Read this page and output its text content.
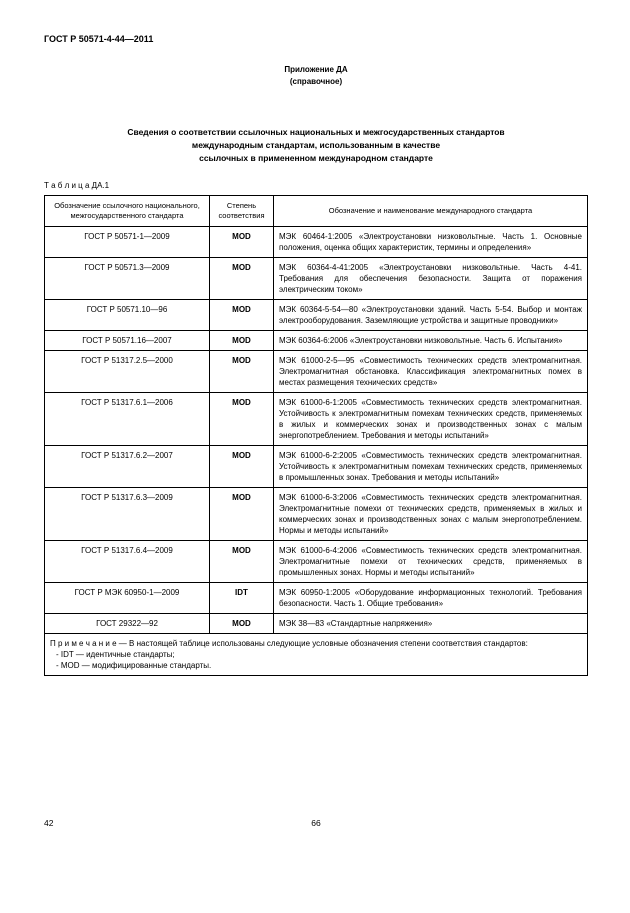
ГОСТ Р 50571-4-44—2011
Приложение ДА
(справочное)
Сведения о соответствии ссылочных национальных и межгосударственных стандартов
международным стандартам, использованным в качестве
ссылочных в примененном международном стандарте
Т а б л и ц а ДА.1
Обозначение ссылочного национального, межгосударственного стандарта	Степень соответствия	Обозначение и наименование международного стандарта
ГОСТ Р 50571-1—2009	MOD	МЭК 60464-1:2005 «Электроустановки низковольтные. Часть 1. Основные положения, оценка общих характеристик, термины и определения»
ГОСТ Р 50571.3—2009	MOD	МЭК 60364-4-41:2005 «Электроустановки низковольтные. Часть 4-41. Требования для обеспечения безопасности. Защита от поражения электрическим током»
ГОСТ Р 50571.10—96	MOD	МЭК 60364-5-54—80 «Электроустановки зданий. Часть 5-54. Выбор и монтаж электрооборудования. Заземляющие устройства и защитные проводники»
ГОСТ Р 50571.16—2007	MOD	МЭК 60364-6:2006 «Электроустановки низковольтные. Часть 6. Испытания»
ГОСТ Р 51317.2.5—2000	MOD	МЭК 61000-2-5—95 «Совместимость технических средств электромагнитная. Электромагнитная обстановка. Классификация электромагнитных помех в местах размещения технических средств»
ГОСТ Р 51317.6.1—2006	MOD	МЭК 61000-6-1:2005 «Совместимость технических средств электромагнитная. Устойчивость к электромагнитным помехам технических средств, применяемых в жилых и коммерческих зонах и производственных зонах с малым энергопотреблением. Требования и методы испытаний»
ГОСТ Р 51317.6.2—2007	MOD	МЭК 61000-6-2:2005 «Совместимость технических средств электромагнитная. Устойчивость к электромагнитным помехам технических средств, применяемых в промышленных зонах. Требования и методы испытаний»
ГОСТ Р 51317.6.3—2009	MOD	МЭК 61000-6-3:2006 «Совместимость технических средств электромагнитная. Электромагнитные помехи от технических средств, применяемых в жилых и коммерческих зонах и производственных зонах с малым энергопотреблением. Нормы и методы испытаний»
ГОСТ Р 51317.6.4—2009	MOD	МЭК 61000-6-4:2006 «Совместимость технических средств электромагнитная. Электромагнитные помехи от технических средств, применяемых в промышленных зонах. Нормы и методы испытаний»
ГОСТ Р МЭК 60950-1—2009	IDT	МЭК 60950-1:2005 «Оборудование информационных технологий. Требования безопасности. Часть 1. Общие требования»
ГОСТ 29322—92	MOD	МЭК 38—83 «Стандартные напряжения»

П р и м е ч а н и е — В настоящей таблице использованы следующие условные обозначения степени соответствия стандартов:
- IDT — идентичные стандарты;
- MOD — модифицированные стандарты.		
42	66
